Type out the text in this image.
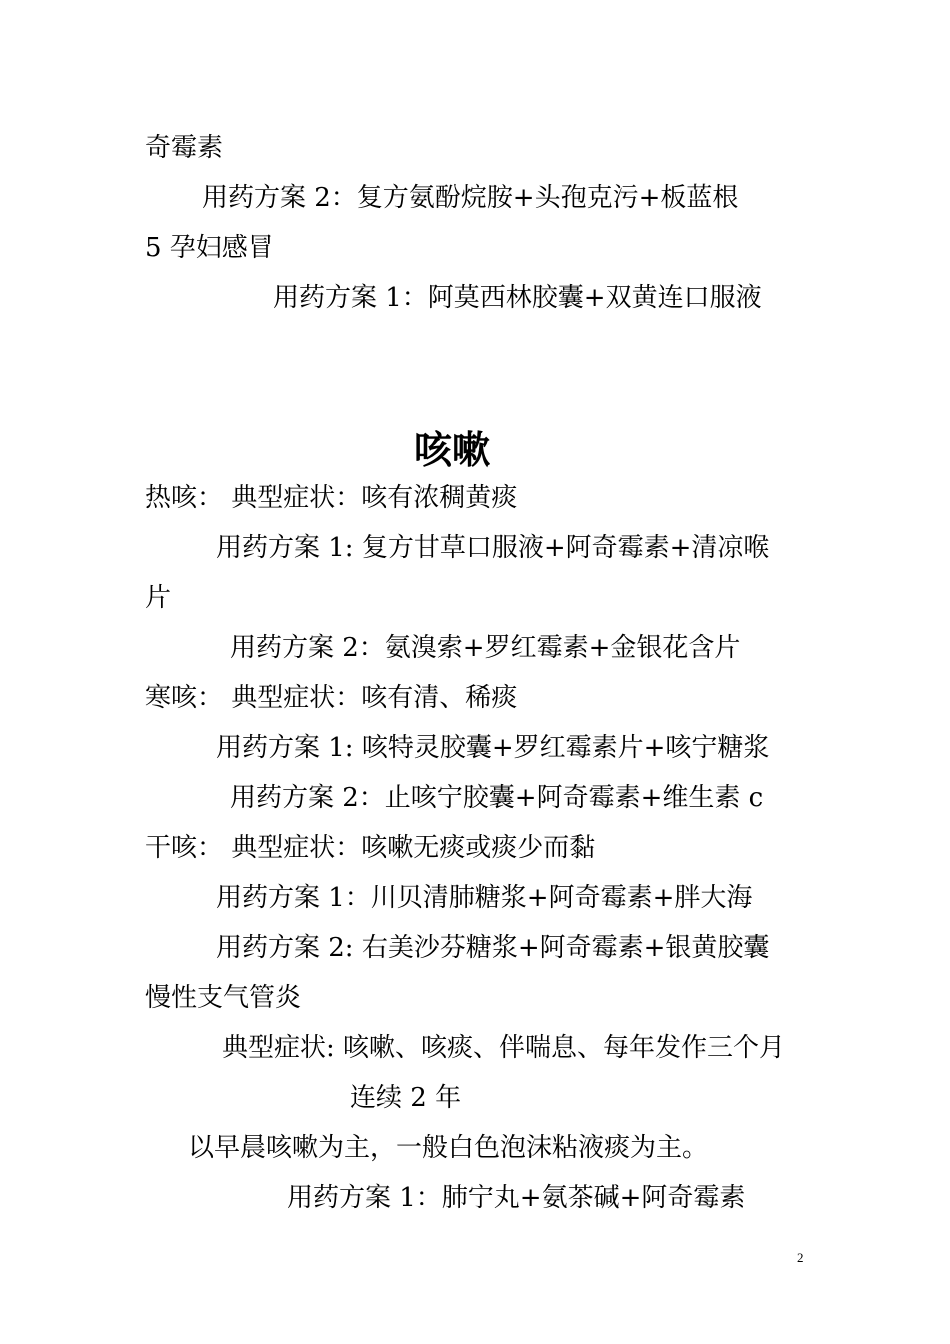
奇霉素
用药方案 2：复方氨酚烷胺+头孢克污+板蓝根
5 孕妇感冒
用药方案 1：阿莫西林胶囊+双黄连口服液
咳嗽
热咳： 典型症状：咳有浓稠黄痰
用药方案 1: 复方甘草口服液+阿奇霉素+清凉喉
片
用药方案 2：氨溴索+罗红霉素+金银花含片
寒咳： 典型症状：咳有清、稀痰
用药方案 1: 咳特灵胶囊+罗红霉素片+咳宁糖浆
用药方案 2：止咳宁胶囊+阿奇霉素+维生素 c
干咳： 典型症状：咳嗽无痰或痰少而黏
用药方案 1：川贝清肺糖浆+阿奇霉素+胖大海
用药方案 2: 右美沙芬糖浆+阿奇霉素+银黄胶囊
慢性支气管炎
典型症状: 咳嗽、咳痰、伴喘息、每年发作三个月
连续 2 年
以早晨咳嗽为主，一般白色泡沫粘液痰为主。
用药方案 1：肺宁丸+氨茶碱+阿奇霉素
2
